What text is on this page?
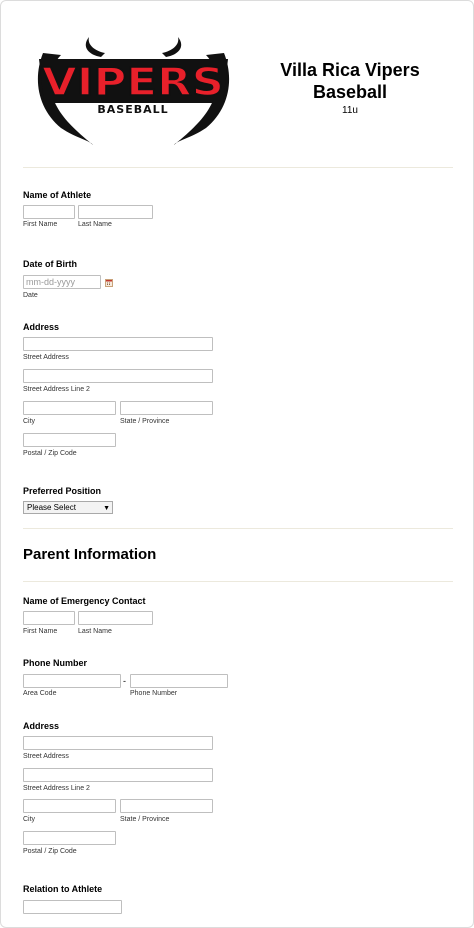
VIPERS
BASEBALL
Villa Rica Vipers Baseball
11u
Name of Athlete
First Name	Last Name
Date of Birth
mm-dd-yyyy
Date
Address
Street Address
Street Address Line 2
City	State / Province
Postal / Zip Code
Preferred Position
Please Select	▼
Parent Information
Name of Emergency Contact
First Name	Last Name
Phone Number
-
Area Code	Phone Number
Address
Street Address
Street Address Line 2
City	State / Province
Postal / Zip Code
Relation to Athlete
